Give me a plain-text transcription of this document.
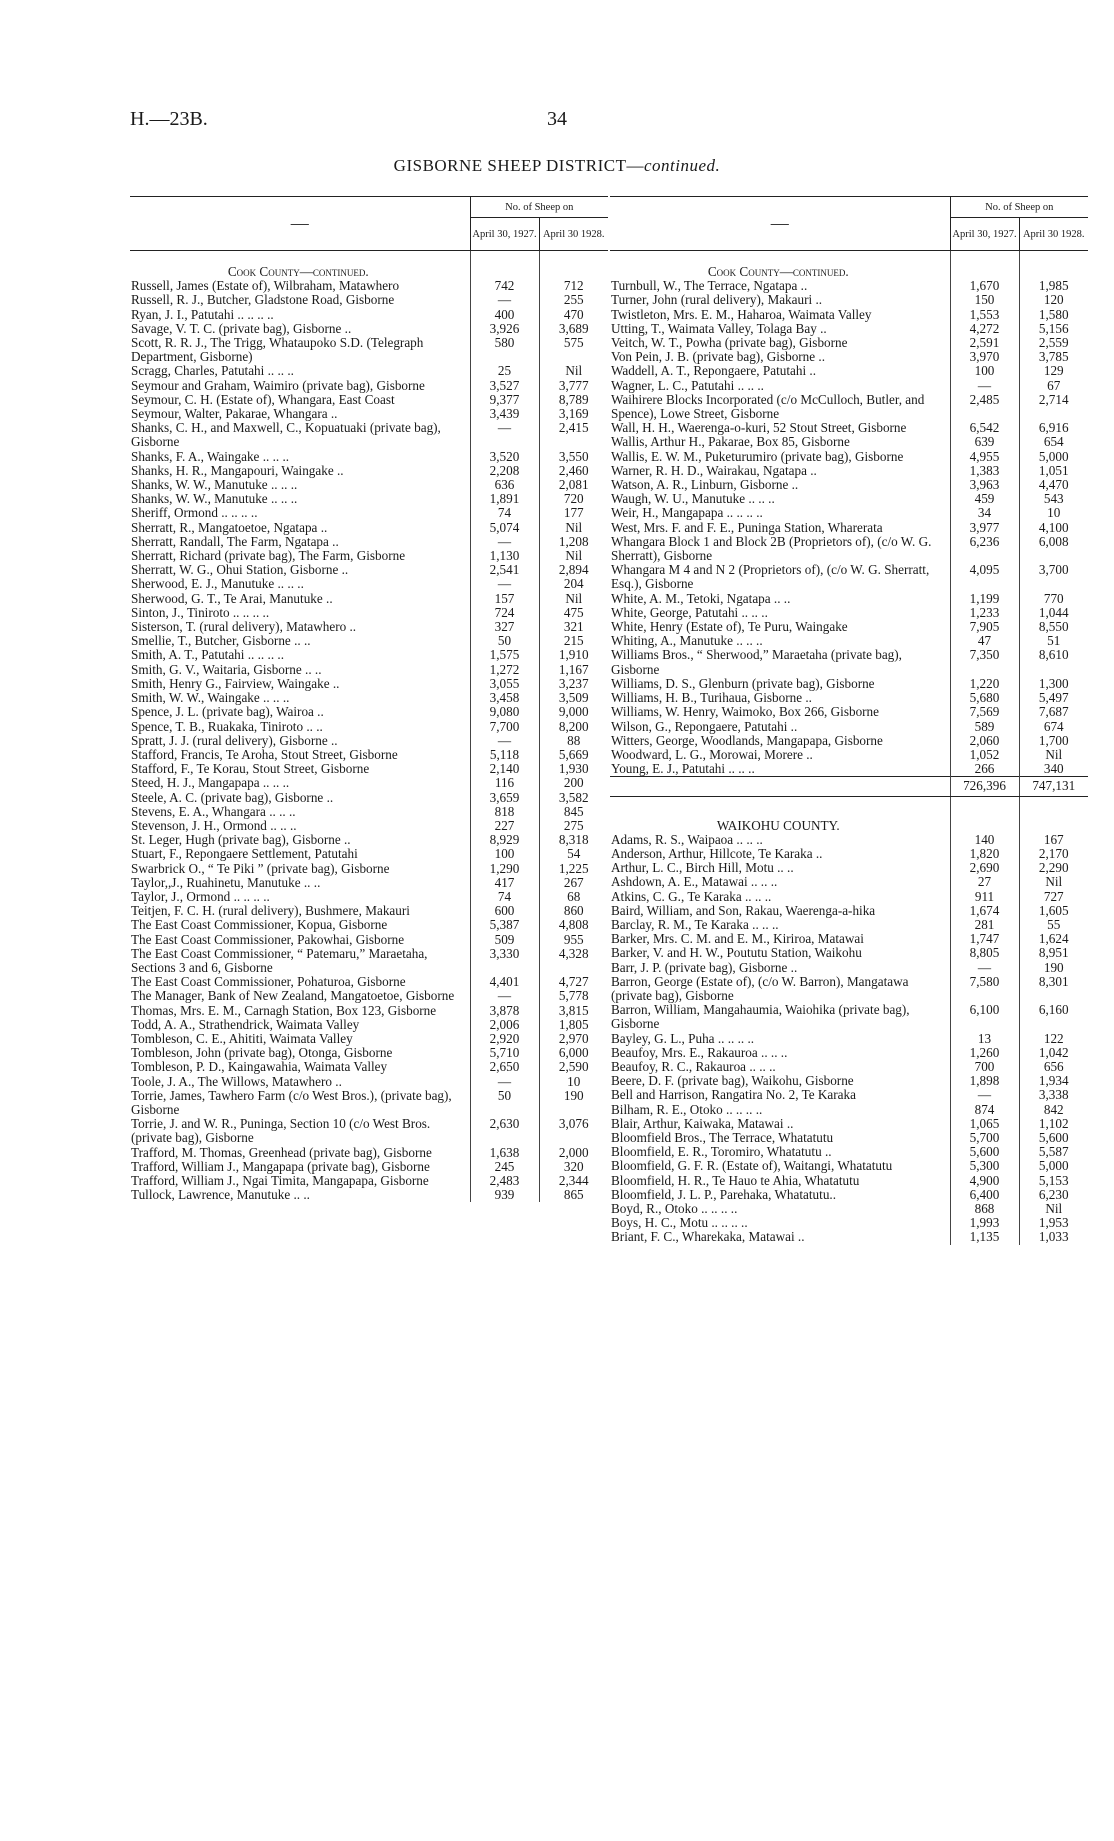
H.—23B.	34
GISBORNE SHEEP DISTRICT—continued.
—	No. of Sheep on	
	April 30, 1927.	April 30 1928.
Cook County—continued.		
Russell, James (Estate of), Wilbraham, Matawhero	742	712
Russell, R. J., Butcher, Gladstone Road, Gisborne	—	255
Ryan, J. I., Patutahi .. .. .. ..	400	470
Savage, V. T. C. (private bag), Gisborne ..	3,926	3,689
Scott, R. R. J., The Trigg, Whataupoko S.D. (Telegraph Department, Gisborne)	580	575
Scragg, Charles, Patutahi .. .. ..	25	Nil
Seymour and Graham, Waimiro (private bag), Gisborne	3,527	3,777
Seymour, C. H. (Estate of), Whangara, East Coast	9,377	8,789
Seymour, Walter, Pakarae, Whangara ..	3,439	3,169
Shanks, C. H., and Maxwell, C., Kopuatuaki (private bag), Gisborne	—	2,415
Shanks, F. A., Waingake .. .. ..	3,520	3,550
Shanks, H. R., Mangapouri, Waingake ..	2,208	2,460
Shanks, W. W., Manutuke .. .. ..	636	2,081
Shanks, W. W., Manutuke .. .. ..	1,891	720
Sheriff, Ormond .. .. .. ..	74	177
Sherratt, R., Mangatoetoe, Ngatapa ..	5,074	Nil
Sherratt, Randall, The Farm, Ngatapa ..	—	1,208
Sherratt, Richard (private bag), The Farm, Gisborne	1,130	Nil
Sherratt, W. G., Ohui Station, Gisborne ..	2,541	2,894
Sherwood, E. J., Manutuke .. .. ..	—	204
Sherwood, G. T., Te Arai, Manutuke ..	157	Nil
Sinton, J., Tiniroto .. .. .. ..	724	475
Sisterson, T. (rural delivery), Matawhero ..	327	321
Smellie, T., Butcher, Gisborne .. ..	50	215
Smith, A. T., Patutahi .. .. .. ..	1,575	1,910
Smith, G. V., Waitaria, Gisborne .. ..	1,272	1,167
Smith, Henry G., Fairview, Waingake ..	3,055	3,237
Smith, W. W., Waingake .. .. ..	3,458	3,509
Spence, J. L. (private bag), Wairoa ..	9,080	9,000
Spence, T. B., Ruakaka, Tiniroto .. ..	7,700	8,200
Spratt, J. J. (rural delivery), Gisborne ..	—	88
Stafford, Francis, Te Aroha, Stout Street, Gisborne	5,118	5,669
Stafford, F., Te Korau, Stout Street, Gisborne	2,140	1,930
Steed, H. J., Mangapapa .. .. ..	116	200
Steele, A. C. (private bag), Gisborne ..	3,659	3,582
Stevens, E. A., Whangara .. .. ..	818	845
Stevenson, J. H., Ormond .. .. ..	227	275
St. Leger, Hugh (private bag), Gisborne ..	8,929	8,318
Stuart, F., Repongaere Settlement, Patutahi	100	54
Swarbrick O., “ Te Piki ” (private bag), Gisborne	1,290	1,225
Taylor,,J., Ruahinetu, Manutuke .. ..	417	267
Taylor, J., Ormond .. .. .. ..	74	68
Teitjen, F. C. H. (rural delivery), Bushmere, Makauri	600	860
The East Coast Commissioner, Kopua, Gisborne	5,387	4,808
The East Coast Commissioner, Pakowhai, Gisborne	509	955
The East Coast Commissioner, “ Patemaru,” Maraetaha, Sections 3 and 6, Gisborne	3,330	4,328
The East Coast Commissioner, Pohaturoa, Gisborne	4,401	4,727
The Manager, Bank of New Zealand, Mangatoetoe, Gisborne	—	5,778
Thomas, Mrs. E. M., Carnagh Station, Box 123, Gisborne	3,878	3,815
Todd, A. A., Strathendrick, Waimata Valley	2,006	1,805
Tombleson, C. E., Ahititi, Waimata Valley	2,920	2,970
Tombleson, John (private bag), Otonga, Gisborne	5,710	6,000
Tombleson, P. D., Kaingawahia, Waimata Valley	2,650	2,590
Toole, J. A., The Willows, Matawhero ..	—	10
Torrie, James, Tawhero Farm (c/o West Bros.), (private bag), Gisborne	50	190
Torrie, J. and W. R., Puninga, Section 10 (c/o West Bros. (private bag), Gisborne	2,630	3,076
Trafford, M. Thomas, Greenhead (private bag), Gisborne	1,638	2,000
Trafford, William J., Mangapapa (private bag), Gisborne	245	320
Trafford, William J., Ngai Timita, Mangapapa, Gisborne	2,483	2,344
Tullock, Lawrence, Manutuke .. ..	939	865
—	No. of Sheep on	
	April 30, 1927.	April 30 1928.
Cook County—continued.		
Turnbull, W., The Terrace, Ngatapa ..	1,670	1,985
Turner, John (rural delivery), Makauri ..	150	120
Twistleton, Mrs. E. M., Haharoa, Waimata Valley	1,553	1,580
Utting, T., Waimata Valley, Tolaga Bay ..	4,272	5,156
Veitch, W. T., Powha (private bag), Gisborne	2,591	2,559
Von Pein, J. B. (private bag), Gisborne ..	3,970	3,785
Waddell, A. T., Repongaere, Patutahi ..	100	129
Wagner, L. C., Patutahi .. .. ..	—	67
Waihirere Blocks Incorporated (c/o McCulloch, Butler, and Spence), Lowe Street, Gisborne	2,485	2,714
Wall, H. H., Waerenga-o-kuri, 52 Stout Street, Gisborne	6,542	6,916
Wallis, Arthur H., Pakarae, Box 85, Gisborne	639	654
Wallis, E. W. M., Puketurumiro (private bag), Gisborne	4,955	5,000
Warner, R. H. D., Wairakau, Ngatapa ..	1,383	1,051
Watson, A. R., Linburn, Gisborne ..	3,963	4,470
Waugh, W. U., Manutuke .. .. ..	459	543
Weir, H., Mangapapa .. .. .. ..	34	10
West, Mrs. F. and F. E., Puninga Station, Wharerata	3,977	4,100
Whangara Block 1 and Block 2B (Proprietors of), (c/o W. G. Sherratt), Gisborne	6,236	6,008
Whangara M 4 and N 2 (Proprietors of), (c/o W. G. Sherratt, Esq.), Gisborne	4,095	3,700
White, A. M., Tetoki, Ngatapa .. ..	1,199	770
White, George, Patutahi .. .. ..	1,233	1,044
White, Henry (Estate of), Te Puru, Waingake	7,905	8,550
Whiting, A., Manutuke .. .. ..	47	51
Williams Bros., “ Sherwood,” Maraetaha (private bag), Gisborne	7,350	8,610
Williams, D. S., Glenburn (private bag), Gisborne	1,220	1,300
Williams, H. B., Turihaua, Gisborne ..	5,680	5,497
Williams, W. Henry, Waimoko, Box 266, Gisborne	7,569	7,687
Wilson, G., Repongaere, Patutahi ..	589	674
Witters, George, Woodlands, Mangapapa, Gisborne	2,060	1,700
Woodward, L. G., Morowai, Morere ..	1,052	Nil
Young, E. J., Patutahi .. .. ..	266	340
	726,396	747,131
WAIKOHU COUNTY.		
Adams, R. S., Waipaoa .. .. ..	140	167
Anderson, Arthur, Hillcote, Te Karaka ..	1,820	2,170
Arthur, L. C., Birch Hill, Motu .. ..	2,690	2,290
Ashdown, A. E., Matawai .. .. ..	27	Nil
Atkins, C. G., Te Karaka .. .. ..	911	727
Baird, William, and Son, Rakau, Waerenga-a-hika	1,674	1,605
Barclay, R. M., Te Karaka .. .. ..	281	55
Barker, Mrs. C. M. and E. M., Kiriroa, Matawai	1,747	1,624
Barker, V. and H. W., Poututu Station, Waikohu	8,805	8,951
Barr, J. P. (private bag), Gisborne ..	—	190
Barron, George (Estate of), (c/o W. Barron), Mangatawa (private bag), Gisborne	7,580	8,301
Barron, William, Mangahaumia, Waiohika (private bag), Gisborne	6,100	6,160
Bayley, G. L., Puha .. .. .. ..	13	122
Beaufoy, Mrs. E., Rakauroa .. .. ..	1,260	1,042
Beaufoy, R. C., Rakauroa .. .. ..	700	656
Beere, D. F. (private bag), Waikohu, Gisborne	1,898	1,934
Bell and Harrison, Rangatira No. 2, Te Karaka	—	3,338
Bilham, R. E., Otoko .. .. .. ..	874	842
Blair, Arthur, Kaiwaka, Matawai ..	1,065	1,102
Bloomfield Bros., The Terrace, Whatatutu	5,700	5,600
Bloomfield, E. R., Toromiro, Whatatutu ..	5,600	5,587
Bloomfield, G. F. R. (Estate of), Waitangi, Whatatutu	5,300	5,000
Bloomfield, H. R., Te Hauo te Ahia, Whatatutu	4,900	5,153
Bloomfield, J. L. P., Parehaka, Whatatutu..	6,400	6,230
Boyd, R., Otoko .. .. .. ..	868	Nil
Boys, H. C., Motu .. .. .. ..	1,993	1,953
Briant, F. C., Wharekaka, Matawai ..	1,135	1,033
